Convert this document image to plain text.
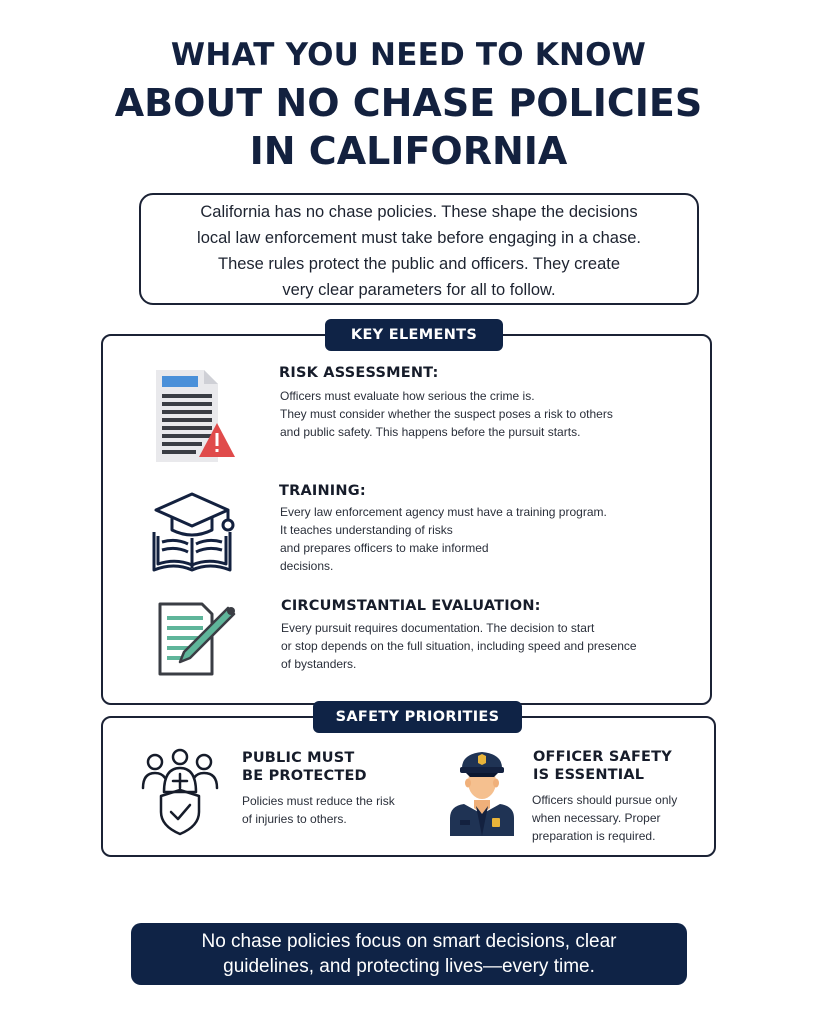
WHAT YOU NEED TO KNOW
ABOUT NO CHASE POLICIES
IN CALIFORNIA
California has no chase policies. These shape the decisions
local law enforcement must take before engaging in a chase.
These rules protect the public and officers. They create
very clear parameters for all to follow.
KEY ELEMENTS
RISK ASSESSMENT:
Officers must evaluate how serious the crime is.
They must consider whether the suspect poses a risk to others
and public safety. This happens before the pursuit starts.
TRAINING:
Every law enforcement agency must have a training program.
It teaches understanding of risks
and prepares officers to make informed
decisions.
CIRCUMSTANTIAL EVALUATION:
Every pursuit requires documentation. The decision to start
or stop depends on the full situation, including speed and presence
of bystanders.
SAFETY PRIORITIES
PUBLIC MUST
BE PROTECTED
Policies must reduce the risk
of injuries to others.
OFFICER SAFETY
IS ESSENTIAL
Officers should pursue only
when necessary. Proper
preparation is required.
No chase policies focus on smart decisions, clear
guidelines, and protecting lives—every time.
